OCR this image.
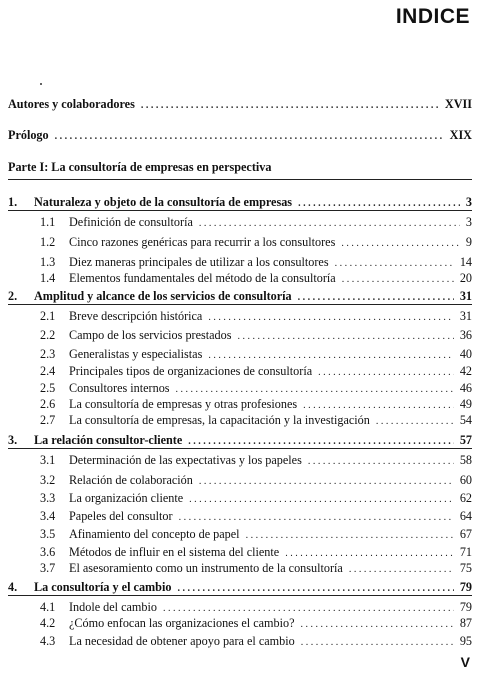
INDICE
Autores y colaboradores . . .	XVII
Prólogo . . .	XIX
Parte I: La consultoría de empresas en perspectiva
1.	Naturaleza y objeto de la consultoría de empresas . . .	3
1.1	Definición de consultoría . . .	3
1.2	Cinco razones genéricas para recurrir a los consultores . . .	9
1.3	Diez maneras principales de utilizar a los consultores . . .	14
1.4	Elementos fundamentales del método de la consultoría . . .	20
2.	Amplitud y alcance de los servicios de consultoría . . .	31
2.1	Breve descripción histórica . . .	31
2.2	Campo de los servicios prestados . . .	36
2.3	Generalistas y especialistas . . .	40
2.4	Principales tipos de organizaciones de consultoría . . .	42
2.5	Consultores internos . . .	46
2.6	La consultoría de empresas y otras profesiones . . .	49
2.7	La consultoría de empresas, la capacitación y la investigación . . .	54
3.	La relación consultor-cliente . . .	57
3.1	Determinación de las expectativas y los papeles . . .	58
3.2	Relación de colaboración . . .	60
3.3	La organización cliente . . .	62
3.4	Papeles del consultor . . .	64
3.5	Afinamiento del concepto de papel . . .	67
3.6	Métodos de influir en el sistema del cliente . . .	71
3.7	El asesoramiento como un instrumento de la consultoría . . .	75
4.	La consultoría y el cambio . . .	79
4.1	Indole del cambio . . .	79
4.2	¿Cómo enfocan las organizaciones el cambio? . . .	87
4.3	La necesidad de obtener apoyo para el cambio . . .	95
V
